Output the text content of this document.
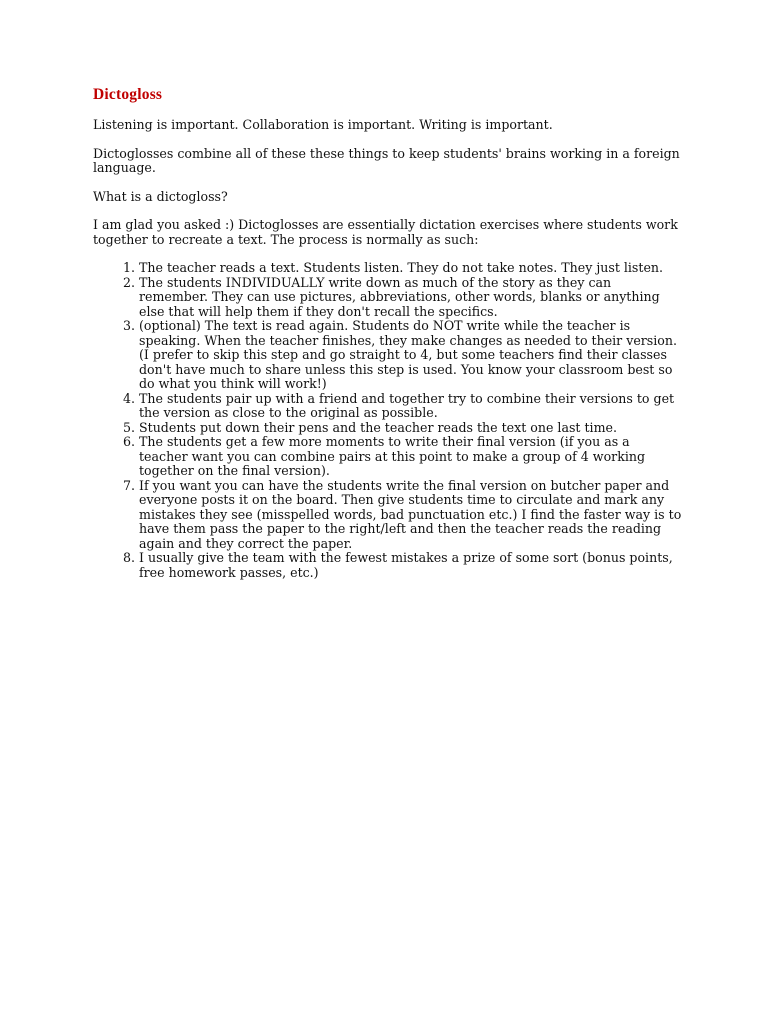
Dictogloss

Listening is important. Collaboration is important. Writing is important.

Dictoglosses combine all of these these things to keep students' brains working in a foreign language.

What is a dictogloss?

I am glad you asked :) Dictoglosses are essentially dictation exercises where students work together to recreate a text. The process is normally as such:

1. The teacher reads a text. Students listen. They do not take notes. They just listen.
2. The students INDIVIDUALLY write down as much of the story as they can remember. They can use pictures, abbreviations, other words, blanks or anything else that will help them if they don't recall the specifics.
3. (optional) The text is read again. Students do NOT write while the teacher is speaking. When the teacher finishes, they make changes as needed to their version. (I prefer to skip this step and go straight to 4, but some teachers find their classes don't have much to share unless this step is used. You know your classroom best so do what you think will work!)
4. The students pair up with a friend and together try to combine their versions to get the version as close to the original as possible.
5. Students put down their pens and the teacher reads the text one last time.
6. The students get a few more moments to write their final version (if you as a teacher want you can combine pairs at this point to make a group of 4 working together on the final version).
7. If you want you can have the students write the final version on butcher paper and everyone posts it on the board. Then give students time to circulate and mark any mistakes they see (misspelled words, bad punctuation etc.) I find the faster way is to have them pass the paper to the right/left and then the teacher reads the reading again and they correct the paper.
8. I usually give the team with the fewest mistakes a prize of some sort (bonus points, free homework passes, etc.)
